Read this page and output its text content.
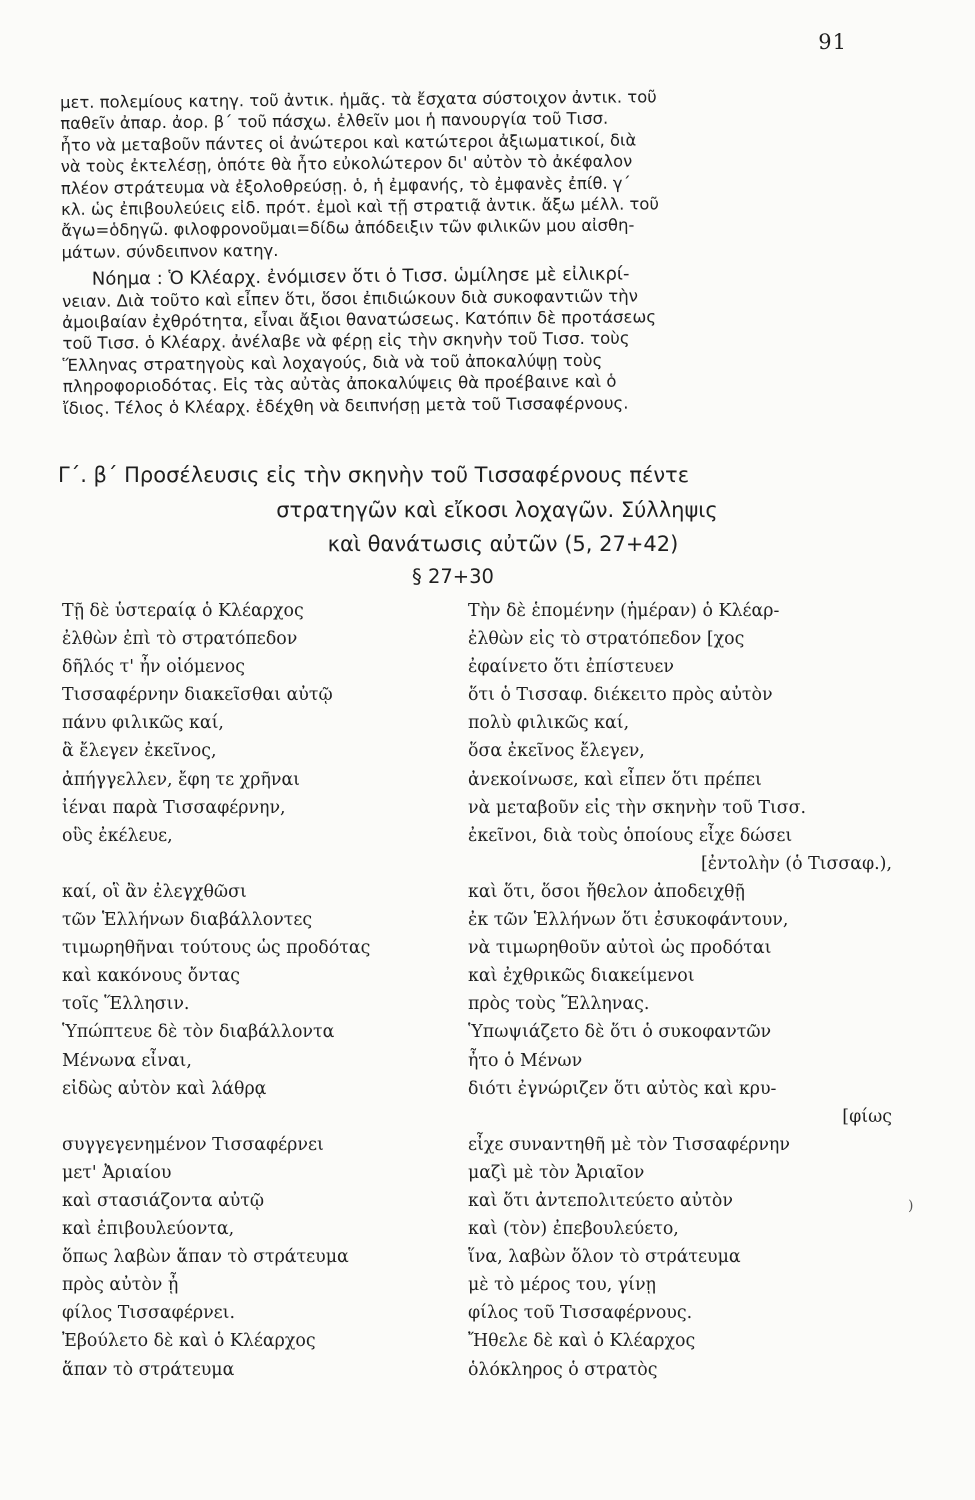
91
μετ. πολεμίους κατηγ. τοῦ ἀντικ. ἡμᾶς. τὰ ἔσχατα σύστοιχον ἀντικ. τοῦ
παθεῖν ἀπαρ. ἀορ. β΄ τοῦ πάσχω. ἐλθεῖν μοι ἡ πανουργία τοῦ Τισσ.
ἦτο νὰ μεταβοῦν πάντες οἱ ἀνώτεροι καὶ κατώτεροι ἀξιωματικοί, διὰ
νὰ τοὺς ἐκτελέσῃ, ὁπότε θὰ ἦτο εὐκολώτερον δι' αὐτὸν τὸ ἀκέφαλον
πλέον στράτευμα νὰ ἐξολοθρεύσῃ. ὁ, ἡ ἐμφανής, τὸ ἐμφανὲς ἐπίθ. γ΄
κλ. ὡς ἐπιβουλεύεις εἰδ. πρότ. ἐμοὶ καὶ τῇ στρατιᾷ ἀντικ. ἄξω μέλλ. τοῦ
ἄγω=ὁδηγῶ. φιλοφρονοῦμαι=δίδω ἀπόδειξιν τῶν φιλικῶν μου αἰσθη-
μάτων. σύνδειπνον κατηγ.
Νόημα : Ὁ Κλέαρχ. ἐνόμισεν ὅτι ὁ Τισσ. ὡμίλησε μὲ εἰλικρί-
νειαν. Διὰ τοῦτο καὶ εἶπεν ὅτι, ὅσοι ἐπιδιώκουν διὰ συκοφαντιῶν τὴν
ἀμοιβαίαν ἐχθρότητα, εἶναι ἄξιοι θανατώσεως. Κατόπιν δὲ προτάσεως
τοῦ Τισσ. ὁ Κλέαρχ. ἀνέλαβε νὰ φέρῃ εἰς τὴν σκηνὴν τοῦ Τισσ. τοὺς
Ἕλληνας στρατηγοὺς καὶ λοχαγούς, διὰ νὰ τοῦ ἀποκαλύψῃ τοὺς
πληροφοριοδότας. Εἰς τὰς αὐτὰς ἀποκαλύψεις θὰ προέβαινε καὶ ὁ
ἴδιος. Τέλος ὁ Κλέαρχ. ἐδέχθη νὰ δειπνήσῃ μετὰ τοῦ Τισσαφέρνους.
Γ΄. β΄ Προσέλευσις εἰς τὴν σκηνὴν τοῦ Τισσαφέρνους πέντε
στρατηγῶν καὶ εἴκοσι λοχαγῶν. Σύλληψις
καὶ θανάτωσις αὐτῶν (5, 27+42)
§ 27+30
Τῇ δὲ ὑστεραίᾳ ὁ Κλέαρχος
ἐλθὼν ἐπὶ τὸ στρατόπεδον
δῆλός τ' ἦν οἰόμενος
Τισσαφέρνην διακεῖσθαι αὐτῷ
πάνυ φιλικῶς καί,
ἃ ἔλεγεν ἐκεῖνος,
ἀπήγγελλεν, ἔφη τε χρῆναι
ἰέναι παρὰ Τισσαφέρνην,
οὓς ἐκέλευε,
καί, οἳ ἂν ἐλεγχθῶσι
τῶν Ἑλλήνων διαβάλλοντες
τιμωρηθῆναι τούτους ὡς προδότας
καὶ κακόνους ὄντας
τοῖς Ἕλλησιν.
Ὑπώπτευε δὲ τὸν διαβάλλοντα
Μένωνα εἶναι,
εἰδὼς αὐτὸν καὶ λάθρᾳ
συγγεγενημένον Τισσαφέρνει
μετ' Ἀριαίου
καὶ στασιάζοντα αὐτῷ
καὶ ἐπιβουλεύοντα,
ὅπως λαβὼν ἅπαν τὸ στράτευμα
πρὸς αὐτὸν ᾖ
φίλος Τισσαφέρνει.
Ἐβούλετο δὲ καὶ ὁ Κλέαρχος
ἅπαν τὸ στράτευμα
Τὴν δὲ ἑπομένην (ἡμέραν) ὁ Κλέαρ-
ἐλθὼν εἰς τὸ στρατόπεδον [χος
ἐφαίνετο ὅτι ἐπίστευεν
ὅτι ὁ Τισσαφ. διέκειτο πρὸς αὐτὸν
πολὺ φιλικῶς καί,
ὅσα ἐκεῖνος ἔλεγεν,
ἀνεκοίνωσε, καὶ εἶπεν ὅτι πρέπει
νὰ μεταβοῦν εἰς τὴν σκηνὴν τοῦ Τισσ.
ἐκεῖνοι, διὰ τοὺς ὁποίους εἶχε δώσει
[ἐντολὴν (ὁ Τισσαφ.),
καὶ ὅτι, ὅσοι ἤθελον ἀποδειχθῇ
ἐκ τῶν Ἑλλήνων ὅτι ἐσυκοφάντουν,
νὰ τιμωρηθοῦν αὐτοὶ ὡς προδόται
καὶ ἐχθρικῶς διακείμενοι
πρὸς τοὺς Ἕλληνας.
Ὑπωψιάζετο δὲ ὅτι ὁ συκοφαντῶν
ἦτο ὁ Μένων
διότι ἐγνώριζεν ὅτι αὐτὸς καὶ κρυ-
[φίως
εἶχε συναντηθῆ μὲ τὸν Τισσαφέρνην
μαζὶ μὲ τὸν Ἀριαῖον
καὶ ὅτι ἀντεπολιτεύετο αὐτὸν
καὶ (τὸν) ἐπεβουλεύετο,
ἵνα, λαβὼν ὅλον τὸ στράτευμα
μὲ τὸ μέρος του, γίνῃ
φίλος τοῦ Τισσαφέρνους.
Ἤθελε δὲ καὶ ὁ Κλέαρχος
ὁλόκληρος ὁ στρατὸς
)
